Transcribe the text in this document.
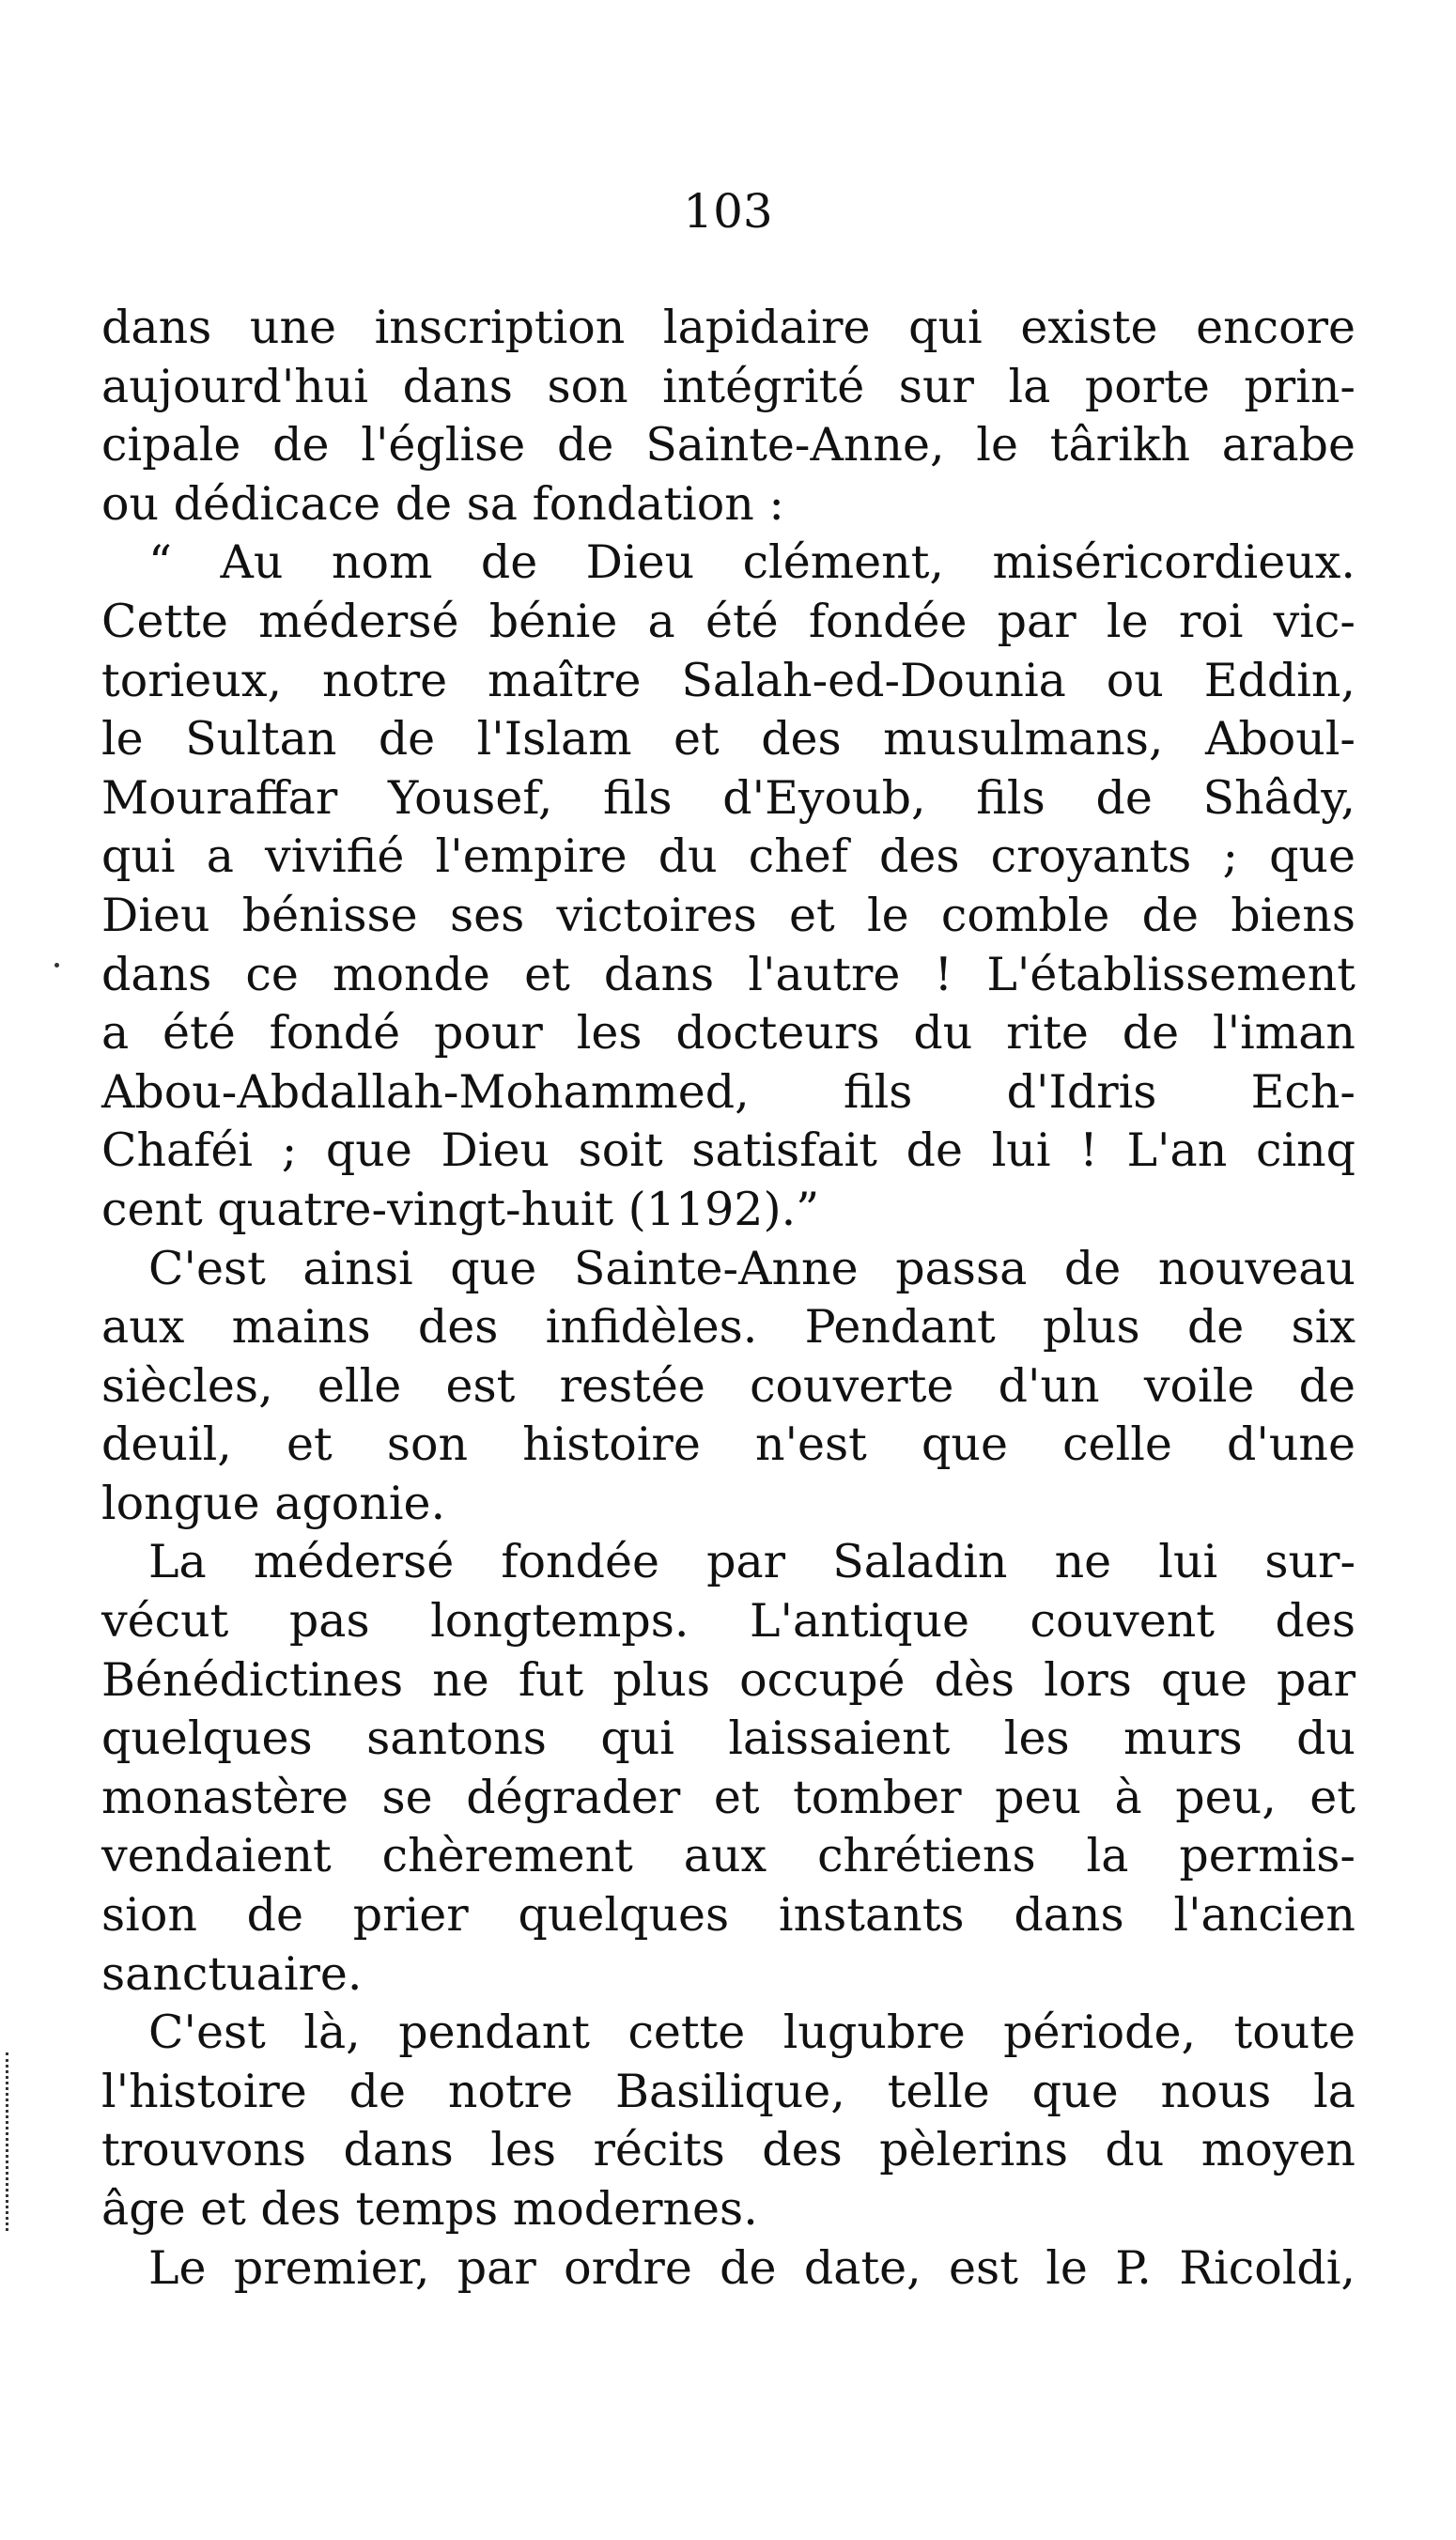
103
dans une inscription lapidaire qui existe encore
aujourd'hui dans son intégrité sur la porte prin-
cipale de l'église de Sainte-Anne, le târikh arabe
ou dédicace de sa fondation :
“ Au nom de Dieu clément, miséricordieux.
Cette médersé bénie a été fondée par le roi vic-
torieux, notre maître Salah-ed-Dounia ou Eddin,
le Sultan de l'Islam et des musulmans, Aboul-
Mouraffar Yousef, fils d'Eyoub, fils de Shâdy,
qui a vivifié l'empire du chef des croyants ; que
Dieu bénisse ses victoires et le comble de biens
dans ce monde et dans l'autre ! L'établissement
a été fondé pour les docteurs du rite de l'iman
Abou-Abdallah-Mohammed, fils d'Idris Ech-
Chaféi ; que Dieu soit satisfait de lui ! L'an cinq
cent quatre-vingt-huit (1192).”
C'est ainsi que Sainte-Anne passa de nouveau
aux mains des infidèles. Pendant plus de six
siècles, elle est restée couverte d'un voile de
deuil, et son histoire n'est que celle d'une
longue agonie.
La médersé fondée par Saladin ne lui sur-
vécut pas longtemps. L'antique couvent des
Bénédictines ne fut plus occupé dès lors que par
quelques santons qui laissaient les murs du
monastère se dégrader et tomber peu à peu, et
vendaient chèrement aux chrétiens la permis-
sion de prier quelques instants dans l'ancien
sanctuaire.
C'est là, pendant cette lugubre période, toute
l'histoire de notre Basilique, telle que nous la
trouvons dans les récits des pèlerins du moyen
âge et des temps modernes.
Le premier, par ordre de date, est le P. Ricoldi,
